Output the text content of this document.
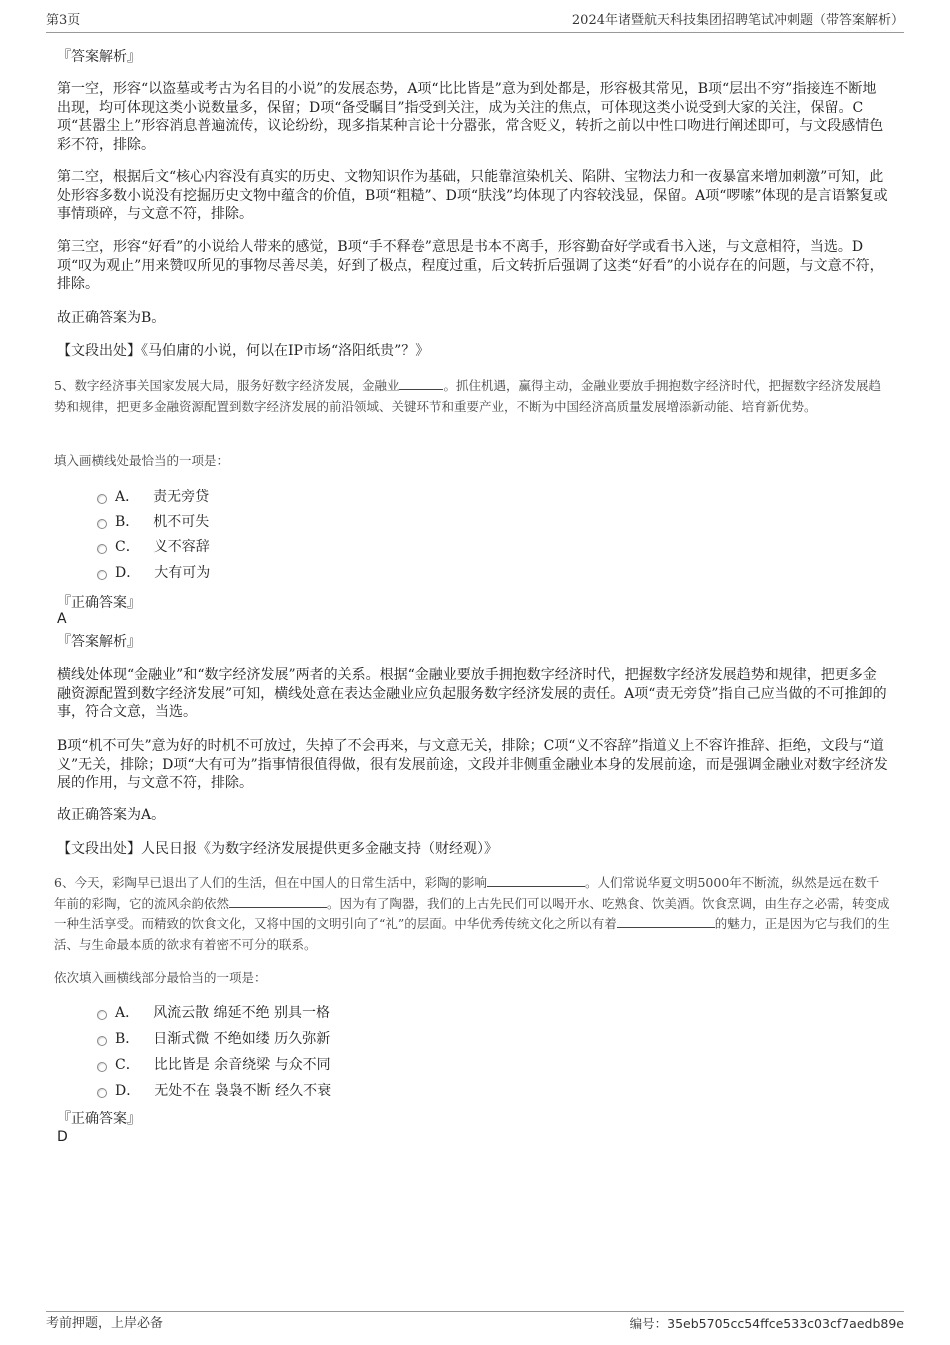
第3页	2024年诸暨航天科技集团招聘笔试冲刺题（带答案解析）
『答案解析』

第一空，形容“以盗墓或考古为名目的小说”的发展态势，A项“比比皆是”意为到处都是，形容极其常见，B项“层出不穷”指接连不断地出现，均可体现这类小说数量多，保留；D项“备受瞩目”指受到关注，成为关注的焦点，可体现这类小说受到大家的关注，保留。C项“甚嚣尘上”形容消息普遍流传，议论纷纷，现多指某种言论十分嚣张，常含贬义，转折之前以中性口吻进行阐述即可，与文段感情色彩不符，排除。

第二空，根据后文“核心内容没有真实的历史、文物知识作为基础，只能靠渲染机关、陷阱、宝物法力和一夜暴富来增加刺激”可知，此处形容多数小说没有挖掘历史文物中蕴含的价值，B项“粗糙”、D项“肤浅”均体现了内容较浅显，保留。A项“啰嗦”体现的是言语繁复或事情琐碎，与文意不符，排除。

第三空，形容“好看”的小说给人带来的感觉，B项“手不释卷”意思是书本不离手，形容勤奋好学或看书入迷，与文意相符，当选。D项“叹为观止”用来赞叹所见的事物尽善尽美，好到了极点，程度过重，后文转折后强调了这类“好看”的小说存在的问题，与文意不符，排除。

故正确答案为B。

【文段出处】《马伯庸的小说，何以在IP市场“洛阳纸贵”？》

5、数字经济事关国家发展大局，服务好数字经济发展，金融业	。抓住机遇，赢得主动，金融业要放手拥抱数字经济时代，把握数字经济发展趋势和规律，把更多金融资源配置到数字经济发展的前沿领域、关键环节和重要产业，不断为中国经济高质量发展增添新动能、培育新优势。

填入画横线处最恰当的一项是：

A． 责无旁贷
B． 机不可失
C． 义不容辞
D． 大有可为
『正确答案』
A
『答案解析』

横线处体现“金融业”和“数字经济发展”两者的关系。根据“金融业要放手拥抱数字经济时代，把握数字经济发展趋势和规律，把更多金融资源配置到数字经济发展”可知，横线处意在表达金融业应负起服务数字经济发展的责任。A项“责无旁贷”指自己应当做的不可推卸的事，符合文意，当选。

B项“机不可失”意为好的时机不可放过，失掉了不会再来，与文意无关，排除；C项“义不容辞”指道义上不容许推辞、拒绝，文段与“道义”无关，排除；D项“大有可为”指事情很值得做，很有发展前途，文段并非侧重金融业本身的发展前途，而是强调金融业对数字经济发展的作用，与文意不符，排除。

故正确答案为A。

【文段出处】人民日报《为数字经济发展提供更多金融支持（财经观）》

6、今天，彩陶早已退出了人们的生活，但在中国人的日常生活中，彩陶的影响	。人们常说华夏文明5000年不断流，纵然是远在数千年前的彩陶，它的流风余韵依然	。因为有了陶器，我们的上古先民们可以喝开水、吃熟食、饮美酒。饮食烹调，由生存之必需，转变成一种生活享受。而精致的饮食文化，又将中国的文明引向了“礼”的层面。中华优秀传统文化之所以有着	的魅力，正是因为它与我们的生活、与生命最本质的欲求有着密不可分的联系。

依次填入画横线部分最恰当的一项是：

A． 风流云散 绵延不绝 别具一格
B． 日渐式微 不绝如缕 历久弥新
C． 比比皆是 余音绕梁 与众不同
D． 无处不在 袅袅不断 经久不衰
『正确答案』
D
考前押题，上岸必备	编号：35eb5705cc54ffce533c03cf7aedb89e
